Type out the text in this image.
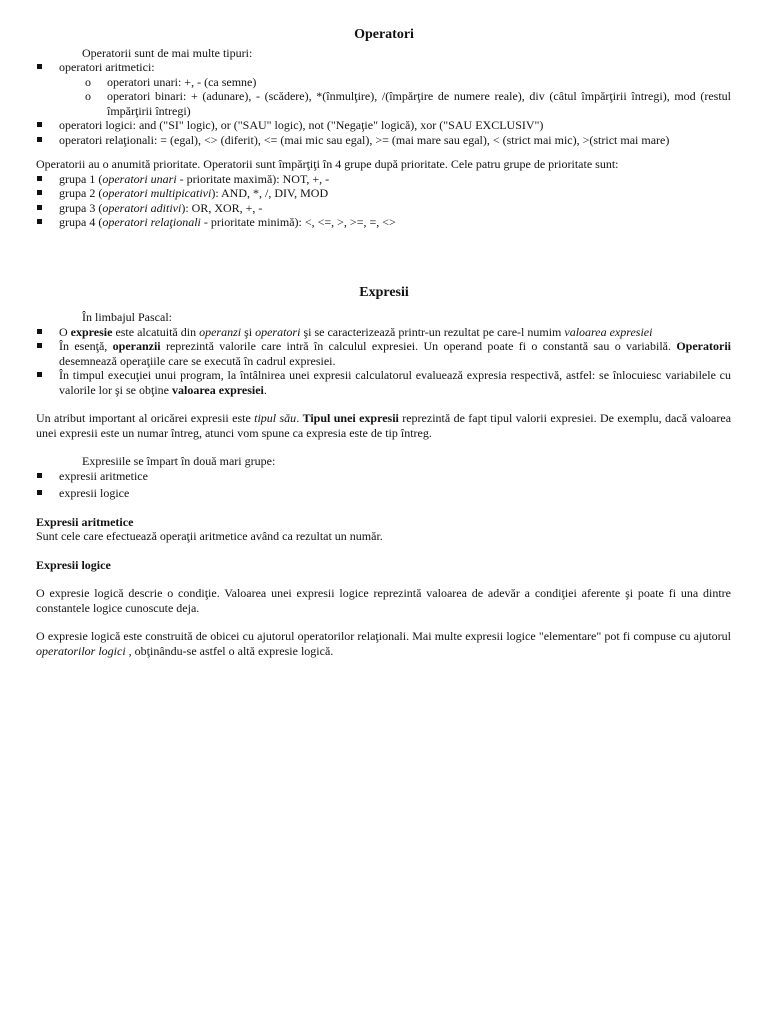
Operatori

Operatorii sunt de mai multe tipuri:

operatori aritmetici:
o operatori unari: +, - (ca semne)
o operatori binari: + (adunare), - (scădere), *(înmulţire), /(împărţire de numere reale), div (câtul împărţirii întregi), mod (restul împărţirii întregi)
operatori logici: and ("SI" logic), or ("SAU" logic), not ("Negaţie" logică), xor ("SAU EXCLUSIV")
operatori relaţionali: = (egal), <> (diferit), <= (mai mic sau egal), >= (mai mare sau egal), < (strict mai mic), >(strict mai mare)

Operatorii au o anumită prioritate. Operatorii sunt împărţiţi în 4 grupe după prioritate. Cele patru grupe de prioritate sunt:

grupa 1 (operatori unari - prioritate maximă): NOT, +, -
grupa 2 (operatori multipicativi): AND, *, /, DIV, MOD
grupa 3 (operatori aditivi): OR, XOR, +, -
grupa 4 (operatori relaţionali - prioritate minimă): <, <=, >, >=, =, <>
Expresii

În limbajul Pascal:

O expresie este alcatuită din operanzi şi operatori şi se caracterizează printr-un rezultat pe care-l numim valoarea expresiei
În esenţă, operanzii reprezintă valorile care intră în calculul expresiei. Un operand poate fi o constantă sau o variabilă. Operatorii desemnează operaţiile care se execută în cadrul expresiei.
În timpul execuţiei unui program, la întâlnirea unei expresii calculatorul evaluează expresia respectivă, astfel: se înlocuiesc variabilele cu valorile lor şi se obţine valoarea expresiei.

Un atribut important al oricărei expresii este tipul său. Tipul unei expresii reprezintă de fapt tipul valorii expresiei. De exemplu, dacă valoarea unei expresii este un numar întreg, atunci vom spune ca expresia este de tip întreg.

Expresiile se împart în două mari grupe:

expresii aritmetice
expresii logice

Expresii aritmetice

Sunt cele care efectuează operaţii aritmetice având ca rezultat un număr.

Expresii logice

O expresie logică descrie o condiţie. Valoarea unei expresii logice reprezintă valoarea de adevăr a condiţiei aferente şi poate fi una dintre constantele logice cunoscute deja.

O expresie logică este construită de obicei cu ajutorul operatorilor relaţionali. Mai multe expresii logice "elementare" pot fi compuse cu ajutorul operatorilor logici , obţinându-se astfel o altă expresie logică.
